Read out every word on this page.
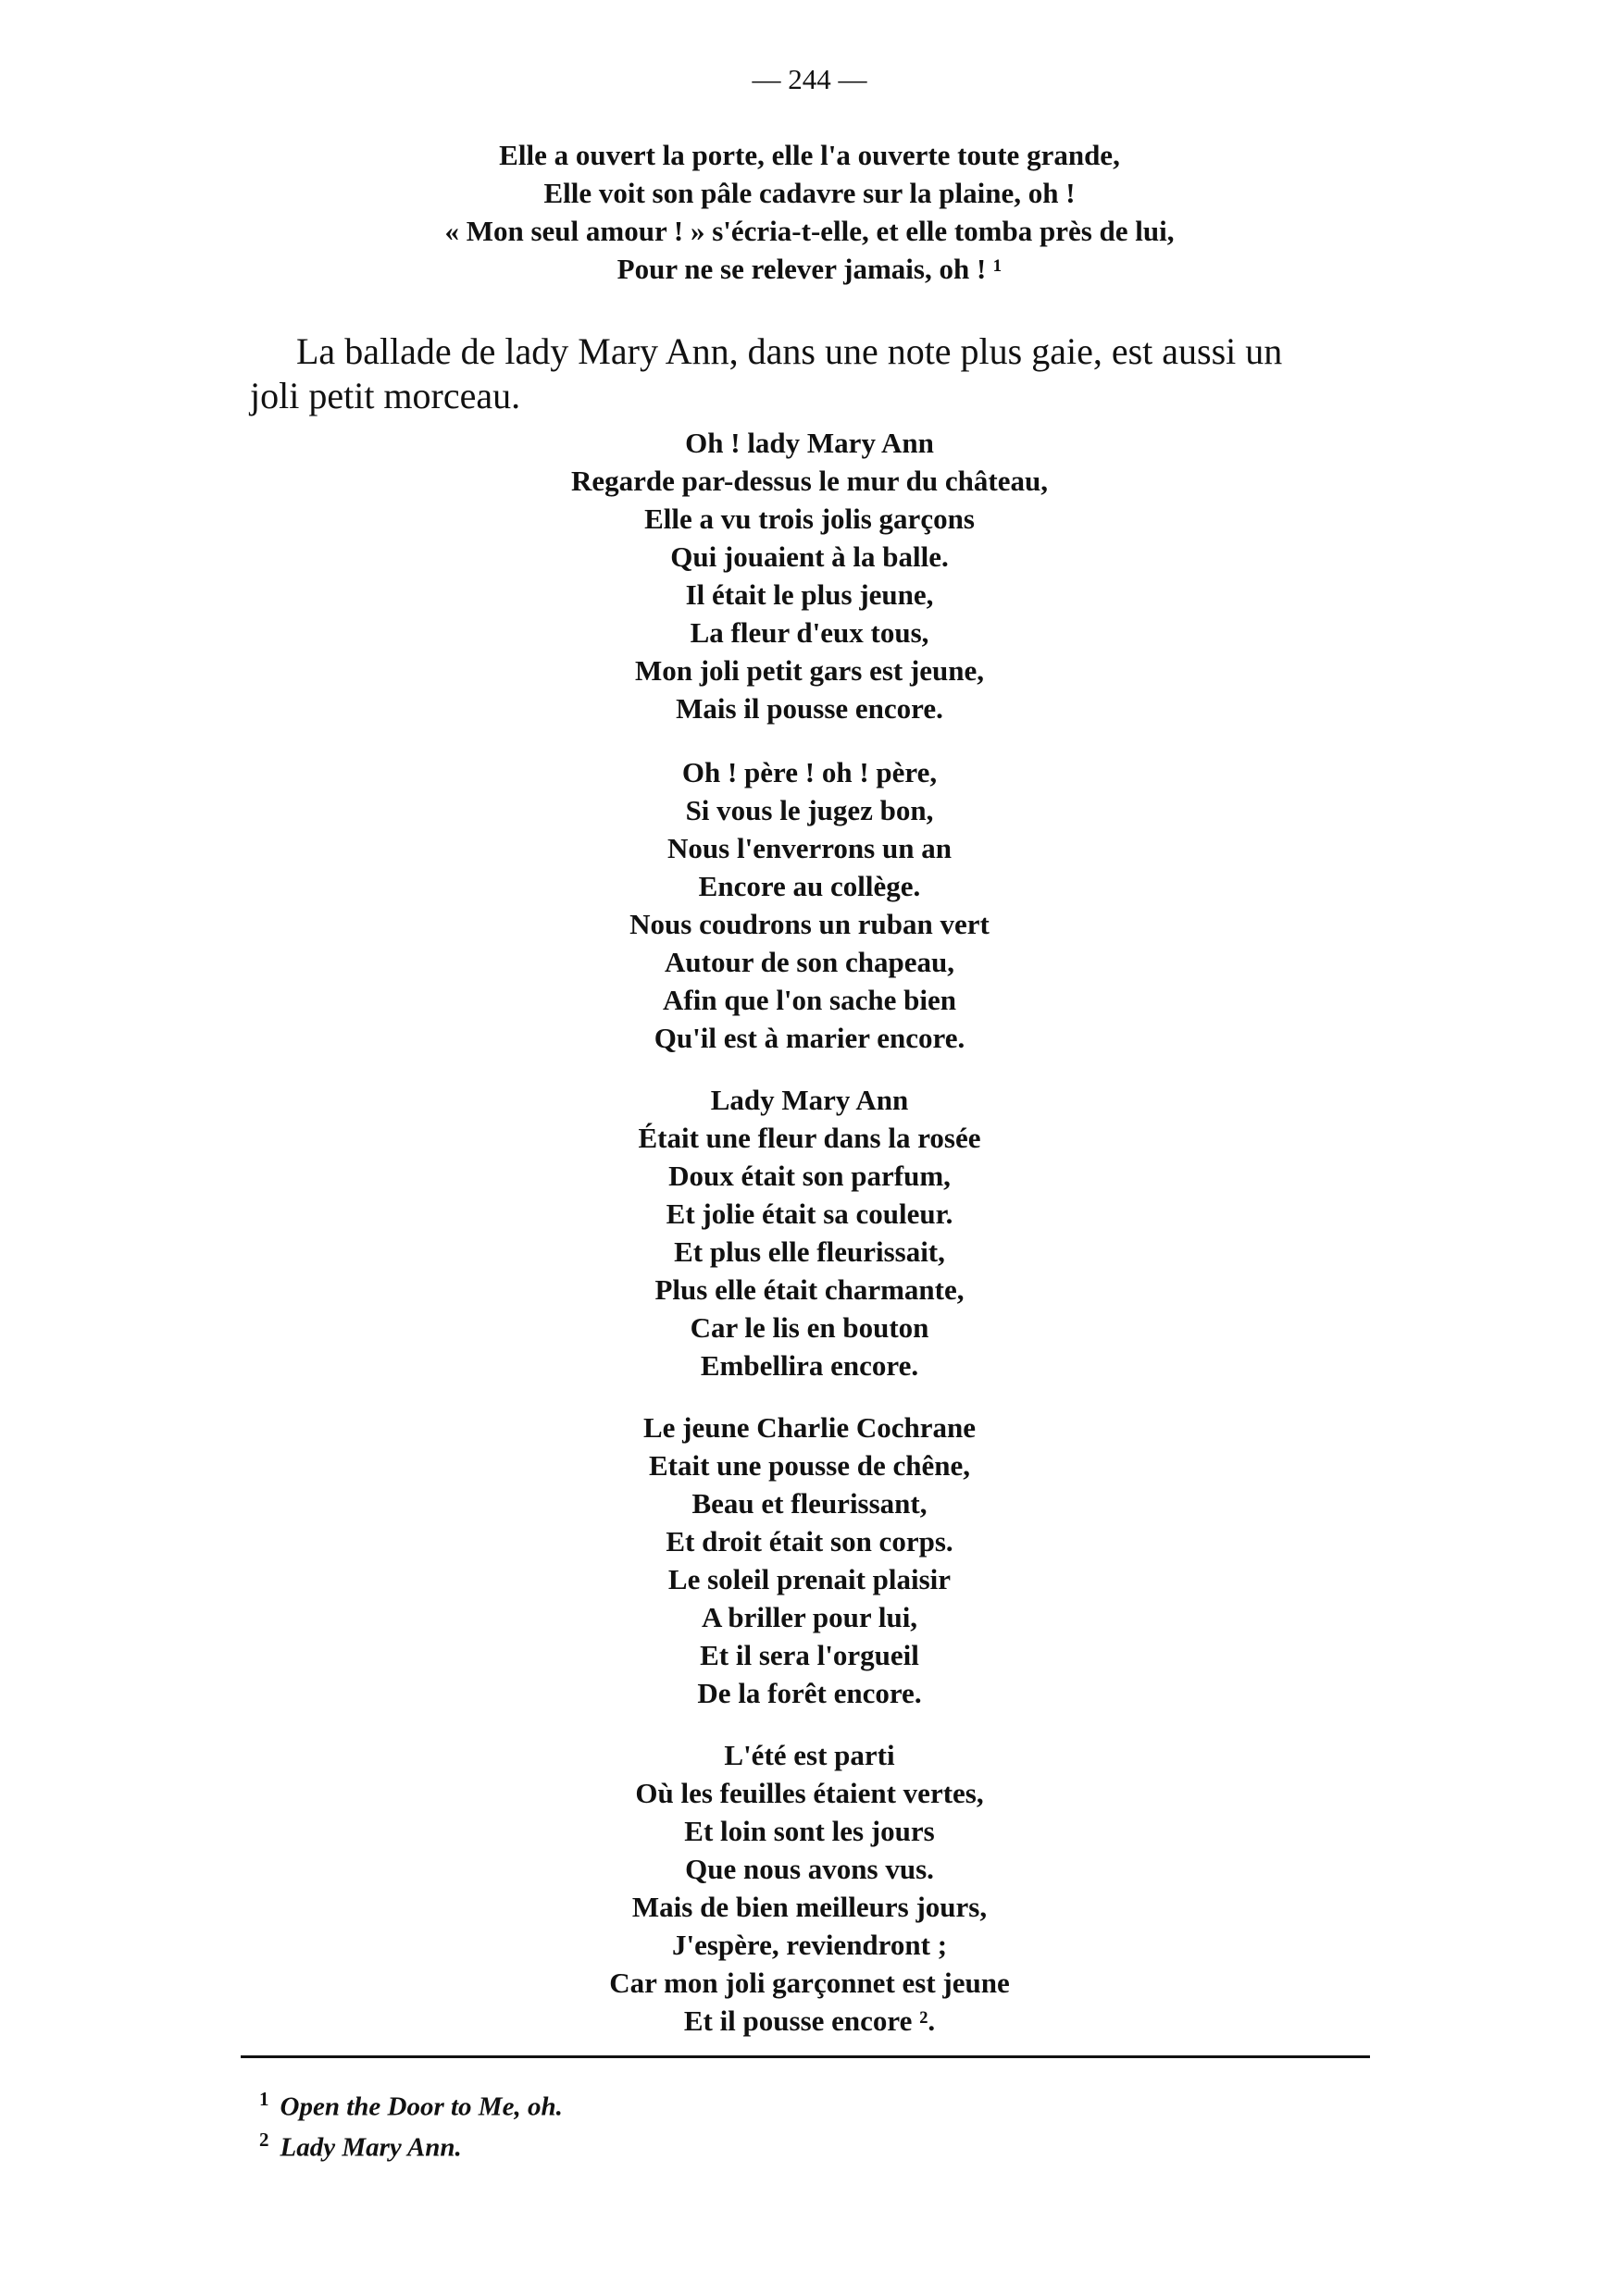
— 244 —
Elle a ouvert la porte, elle l'a ouverte toute grande,
Elle voit son pâle cadavre sur la plaine, oh !
« Mon seul amour ! » s'écria-t-elle, et elle tomba près de lui,
Pour ne se relever jamais, oh ! ¹
La ballade de lady Mary Ann, dans une note plus gaie, est aussi un
joli petit morceau.
Oh ! lady Mary Ann
Regarde par-dessus le mur du château,
Elle a vu trois jolis garçons
Qui jouaient à la balle.
Il était le plus jeune,
La fleur d'eux tous,
Mon joli petit gars est jeune,
Mais il pousse encore.
Oh ! père ! oh ! père,
Si vous le jugez bon,
Nous l'enverrons un an
Encore au collège.
Nous coudrons un ruban vert
Autour de son chapeau,
Afin que l'on sache bien
Qu'il est à marier encore.
Lady Mary Ann
Était une fleur dans la rosée
Doux était son parfum,
Et jolie était sa couleur.
Et plus elle fleurissait,
Plus elle était charmante,
Car le lis en bouton
Embellira encore.
Le jeune Charlie Cochrane
Etait une pousse de chêne,
Beau et fleurissant,
Et droit était son corps.
Le soleil prenait plaisir
A briller pour lui,
Et il sera l'orgueil
De la forêt encore.
L'été est parti
Où les feuilles étaient vertes,
Et loin sont les jours
Que nous avons vus.
Mais de bien meilleurs jours,
J'espère, reviendront ;
Car mon joli garçonnet est jeune
Et il pousse encore ².
$^1$ Open the Door to Me, oh.
$^2$ Lady Mary Ann.
